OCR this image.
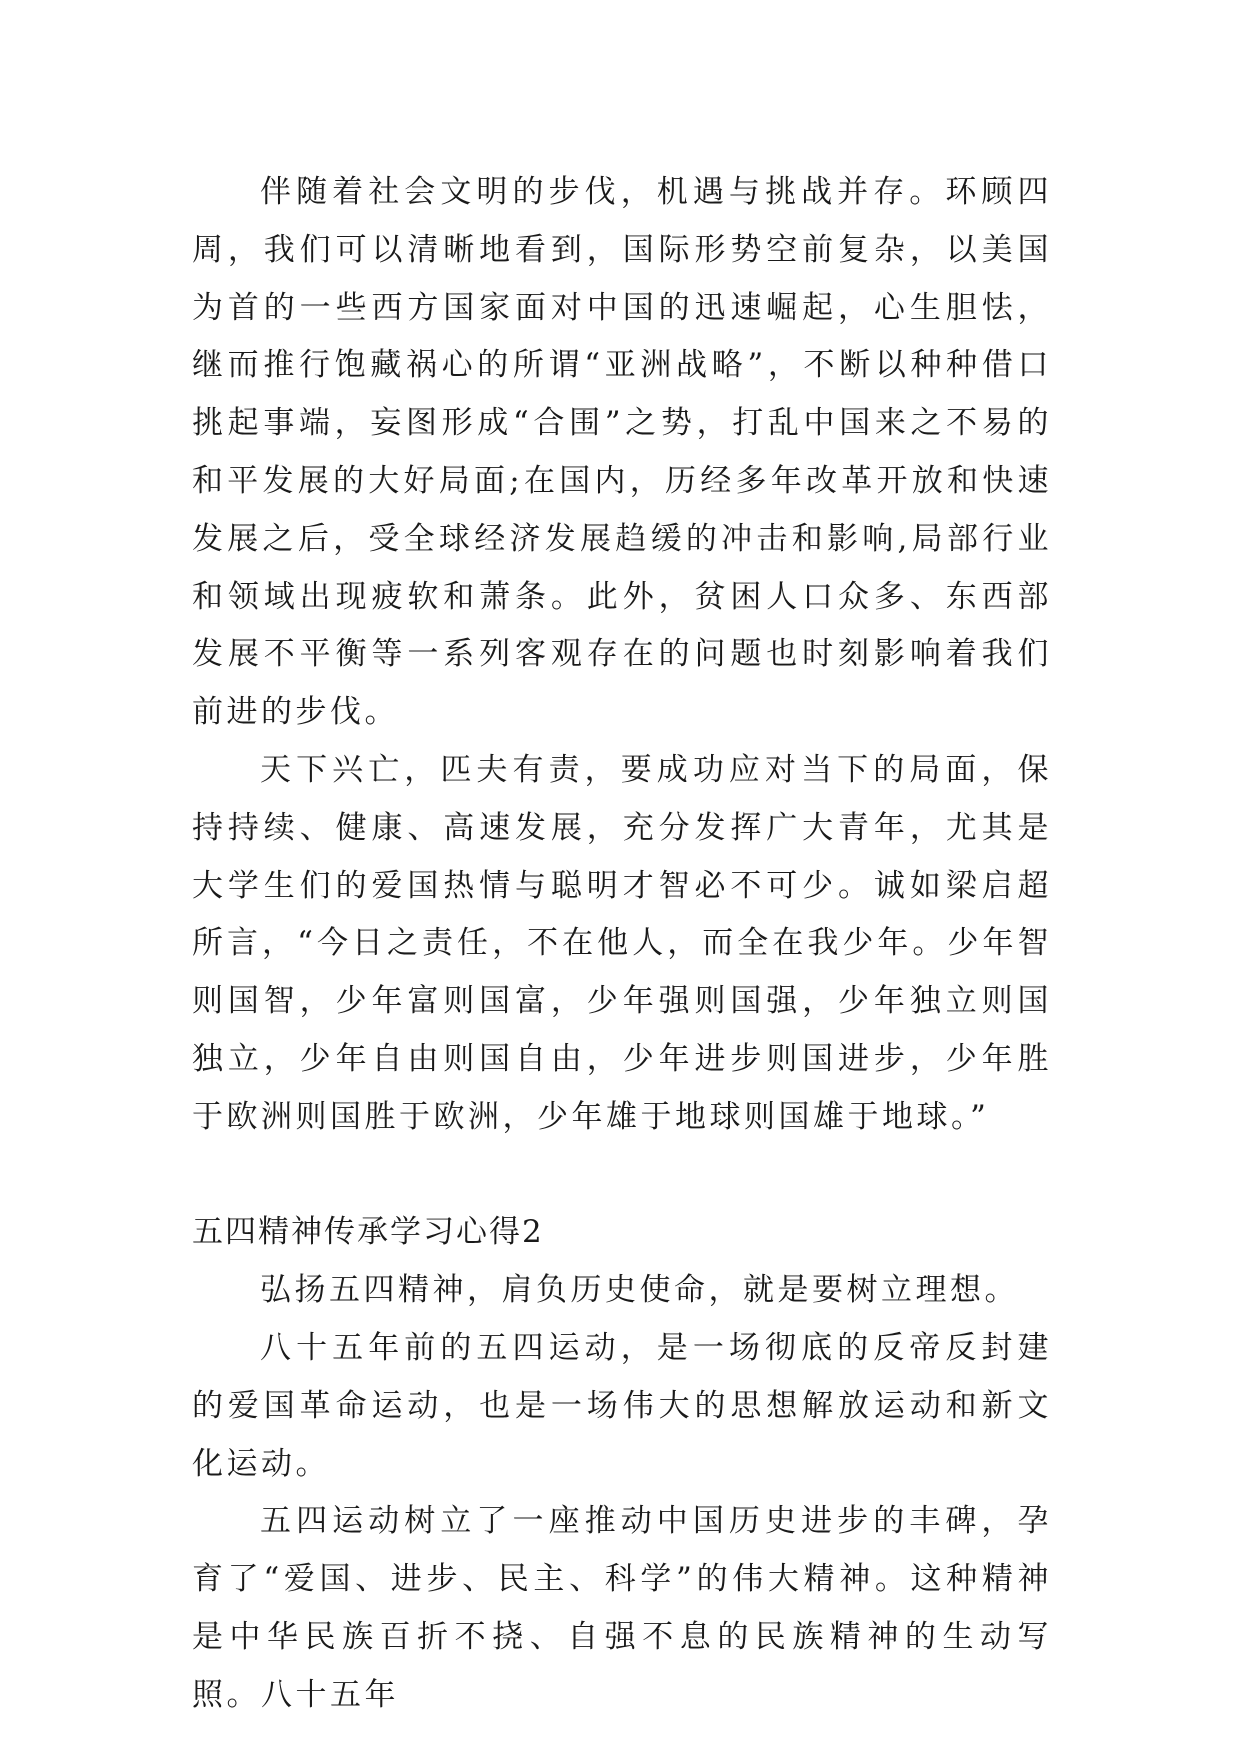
伴随着社会文明的步伐，机遇与挑战并存。环顾四周，我们可以清晰地看到，国际形势空前复杂，以美国为首的一些西方国家面对中国的迅速崛起，心生胆怯，继而推行饱藏祸心的所谓“亚洲战略”，不断以种种借口挑起事端，妄图形成“合围”之势，打乱中国来之不易的和平发展的大好局面;在国内，历经多年改革开放和快速发展之后，受全球经济发展趋缓的冲击和影响,局部行业和领域出现疲软和萧条。此外，贫困人口众多、东西部发展不平衡等一系列客观存在的问题也时刻影响着我们前进的步伐。

天下兴亡，匹夫有责，要成功应对当下的局面，保持持续、健康、高速发展，充分发挥广大青年，尤其是大学生们的爱国热情与聪明才智必不可少。诚如梁启超所言，“今日之责任，不在他人，而全在我少年。少年智则国智，少年富则国富，少年强则国强，少年独立则国独立，少年自由则国自由，少年进步则国进步，少年胜于欧洲则国胜于欧洲，少年雄于地球则国雄于地球。”

五四精神传承学习心得2

弘扬五四精神，肩负历史使命，就是要树立理想。

八十五年前的五四运动，是一场彻底的反帝反封建的爱国革命运动，也是一场伟大的思想解放运动和新文化运动。

五四运动树立了一座推动中国历史进步的丰碑，孕育了“爱国、进步、民主、科学”的伟大精神。这种精神是中华民族百折不挠、自强不息的民族精神的生动写照。八十五年
